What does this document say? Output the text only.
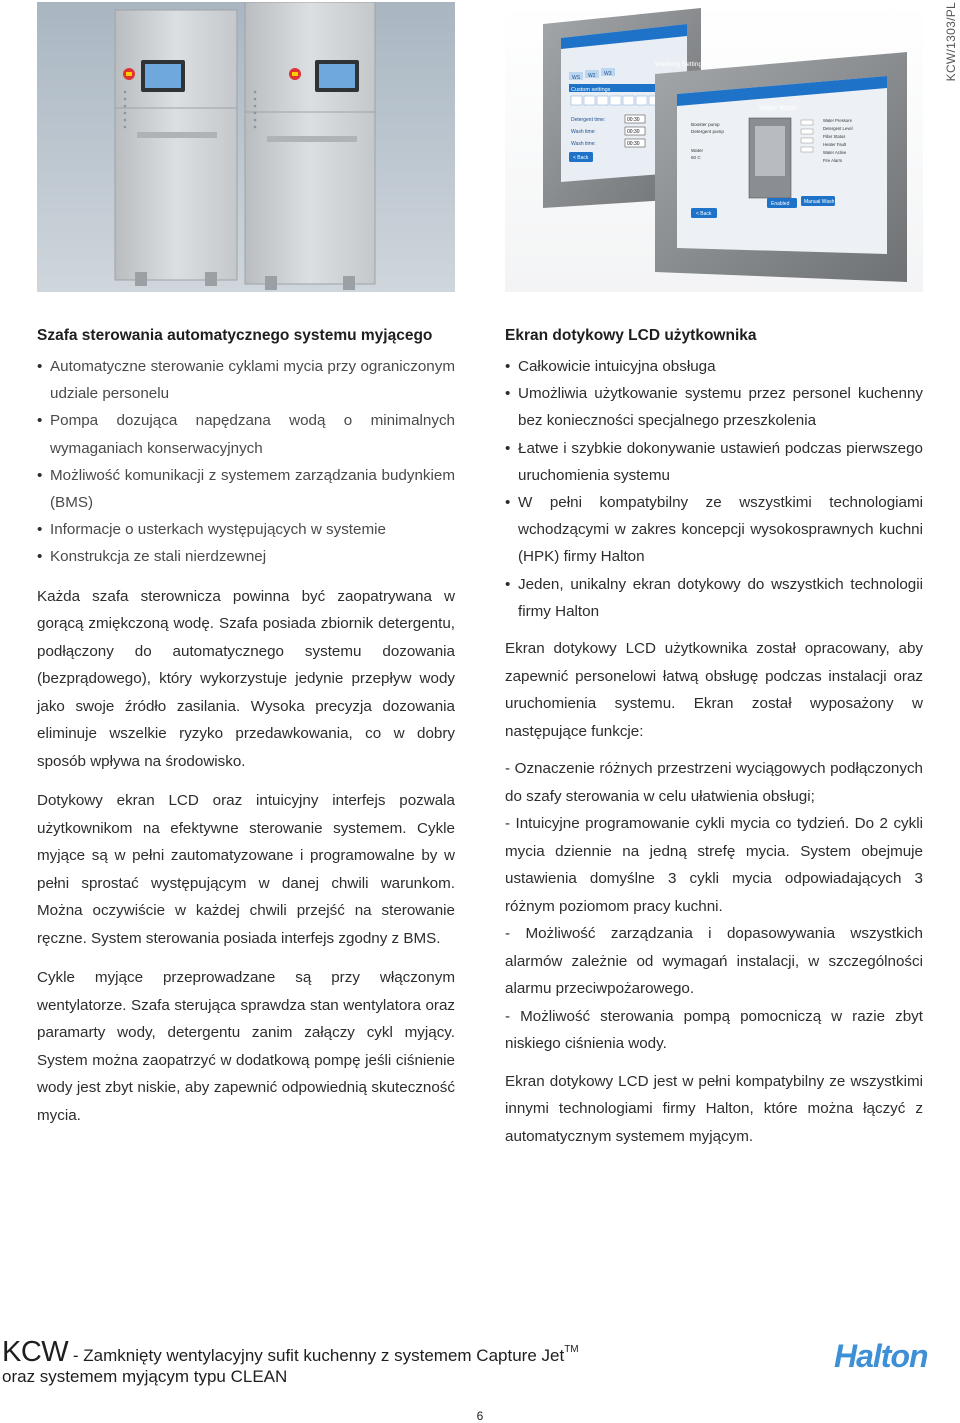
KCW/1303/PL
Washing Settings
WS W2 W3
Custom settings
Detergent time:
Wash time:
Wash time:
00:30
00:30
00:30
< Back
Water Wash
Booster pump
Detergent pump
Water Pressure
Detergent Level
Filter Status
Heater Fault
Water Active
Fire Alarm
Water
50 C
< Back
Enabled	Manual Wash
Szafa sterowania automatycznego systemu myjącego
• Automatyczne sterowanie cyklami mycia przy ograniczonym udziale personelu
• Pompa dozująca napędzana wodą o minimalnych wymaganiach konserwacyjnych
• Możliwość komunikacji z systemem zarządzania budynkiem (BMS)
• Informacje o usterkach występujących w systemie
• Konstrukcja ze stali nierdzewnej

Każda szafa sterownicza powinna być zaopatrywana w gorącą zmiękczoną wodę. Szafa posiada zbiornik detergentu, podłączony do automatycznego systemu dozowania (bezprądowego), który wykorzystuje jedynie przepływ wody jako swoje źródło zasilania. Wysoka precyzja dozowania eliminuje wszelkie ryzyko przedawkowania, co w dobry sposób wpływa na środowisko.

Dotykowy ekran LCD oraz intuicyjny interfejs pozwala użytkownikom na efektywne sterowanie systemem. Cykle myjące są w pełni zautomatyzowane i programowalne by w pełni sprostać występującym w danej chwili warunkom. Można oczywiście w każdej chwili przejść na sterowanie ręczne. System sterowania posiada interfejs zgodny z BMS.

Cykle myjące przeprowadzane są przy włączonym wentylatorze. Szafa sterująca sprawdza stan wentylatora oraz paramarty wody, detergentu zanim załączy cykl myjący. System można zaopatrzyć w dodatkową pompę jeśli ciśnienie wody jest zbyt niskie, aby zapewnić odpowiednią skuteczność mycia.

Ekran dotykowy LCD użytkownika
• Całkowicie intuicyjna obsługa
• Umożliwia użytkowanie systemu przez personel kuchenny bez konieczności specjalnego przeszkolenia
• Łatwe i szybkie dokonywanie ustawień podczas pierwszego uruchomienia systemu
• W pełni kompatybilny ze wszystkimi technologiami wchodzącymi w zakres koncepcji wysokosprawnych kuchni (HPK) firmy Halton
• Jeden, unikalny ekran dotykowy do wszystkich technologii firmy Halton

Ekran dotykowy LCD użytkownika został opracowany, aby zapewnić personelowi łatwą obsługę podczas instalacji oraz uruchomienia systemu. Ekran został wyposażony w następujące funkcje:

- Oznaczenie różnych przestrzeni wyciągowych podłączonych do szafy sterowania w celu ułatwienia obsługi;

- Intuicyjne programowanie cykli mycia co tydzień. Do 2 cykli mycia dziennie na jedną strefę mycia. System obejmuje ustawienia domyślne 3 cykli mycia odpowiadających 3 różnym poziomom pracy kuchni.

- Możliwość zarządzania i dopasowywania wszystkich alarmów zależnie od wymagań instalacji, w szczególności alarmu przeciwpożarowego.

- Możliwość sterowania pompą pomocniczą w razie zbyt niskiego ciśnienia wody.

Ekran dotykowy LCD jest w pełni kompatybilny ze wszystkimi innymi technologiami firmy Halton, które można łączyć z automatycznym systemem myjącym.

KCW - Zamknięty wentylacyjny sufit kuchenny z systemem Capture Jet™
oraz systemem myjącym typu CLEAN
Halton
6
